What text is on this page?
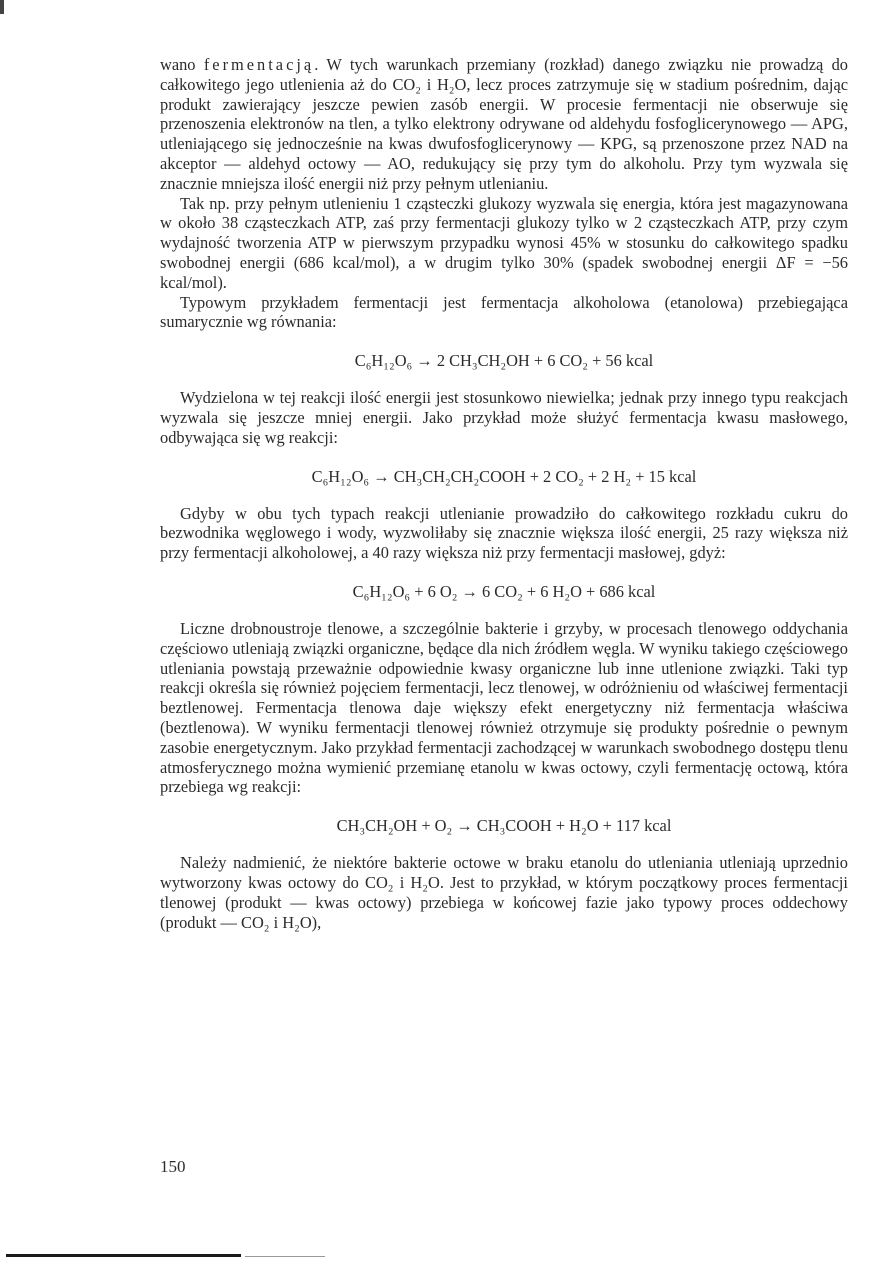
wano fermentacją. W tych warunkach przemiany (rozkład) danego związku nie prowadzą do całkowitego jego utlenienia aż do CO₂ i H₂O, lecz proces zatrzymuje się w stadium pośrednim, dając produkt zawierający jeszcze pewien zasób energii. W procesie fermentacji nie obserwuje się przenoszenia elektronów na tlen, a tylko elektrony odrywane od aldehydu fosfoglicerynowego — APG, utleniającego się jednocześnie na kwas dwufosfoglicerynowy — KPG, są przenoszone przez NAD na akceptor — aldehyd octowy — AO, redukujący się przy tym do alkoholu. Przy tym wyzwala się znacznie mniejsza ilość energii niż przy pełnym utlenianiu.

Tak np. przy pełnym utlenieniu 1 cząsteczki glukozy wyzwala się energia, która jest magazynowana w około 38 cząsteczkach ATP, zaś przy fermentacji glukozy tylko w 2 cząsteczkach ATP, przy czym wydajność tworzenia ATP w pierwszym przypadku wynosi 45% w stosunku do całkowitego spadku swobodnej energii (686 kcal/mol), a w drugim tylko 30% (spadek swobodnej energii ΔF = −56 kcal/mol).

Typowym przykładem fermentacji jest fermentacja alkoholowa (etanolowa) przebiegająca sumarycznie wg równania:

C₆H₁₂O₆ → 2 CH₃CH₂OH + 6 CO₂ + 56 kcal

Wydzielona w tej reakcji ilość energii jest stosunkowo niewielka; jednak przy innego typu reakcjach wyzwala się jeszcze mniej energii. Jako przykład może służyć fermentacja kwasu masłowego, odbywająca się wg reakcji:

C₆H₁₂O₆ → CH₃CH₂CH₂COOH + 2 CO₂ + 2 H₂ + 15 kcal

Gdyby w obu tych typach reakcji utlenianie prowadziło do całkowitego rozkładu cukru do bezwodnika węglowego i wody, wyzwoliłaby się znacznie większa ilość energii, 25 razy większa niż przy fermentacji alkoholowej, a 40 razy większa niż przy fermentacji masłowej, gdyż:

C₆H₁₂O₆ + 6 O₂ → 6 CO₂ + 6 H₂O + 686 kcal

Liczne drobnoustroje tlenowe, a szczególnie bakterie i grzyby, w procesach tlenowego oddychania częściowo utleniają związki organiczne, będące dla nich źródłem węgla. W wyniku takiego częściowego utleniania powstają przeważnie odpowiednie kwasy organiczne lub inne utlenione związki. Taki typ reakcji określa się również pojęciem fermentacji, lecz tlenowej, w odróżnieniu od właściwej fermentacji beztlenowej. Fermentacja tlenowa daje większy efekt energetyczny niż fermentacja właściwa (beztlenowa). W wyniku fermentacji tlenowej również otrzymuje się produkty pośrednie o pewnym zasobie energetycznym. Jako przykład fermentacji zachodzącej w warunkach swobodnego dostępu tlenu atmosferycznego można wymienić przemianę etanolu w kwas octowy, czyli fermentację octową, która przebiega wg reakcji:

CH₃CH₂OH + O₂ → CH₃COOH + H₂O + 117 kcal

Należy nadmienić, że niektóre bakterie octowe w braku etanolu do utleniania utleniają uprzednio wytworzony kwas octowy do CO₂ i H₂O. Jest to przykład, w którym początkowy proces fermentacji tlenowej (produkt — kwas octowy) przebiega w końcowej fazie jako typowy proces oddechowy (produkt — CO₂ i H₂O),

150
